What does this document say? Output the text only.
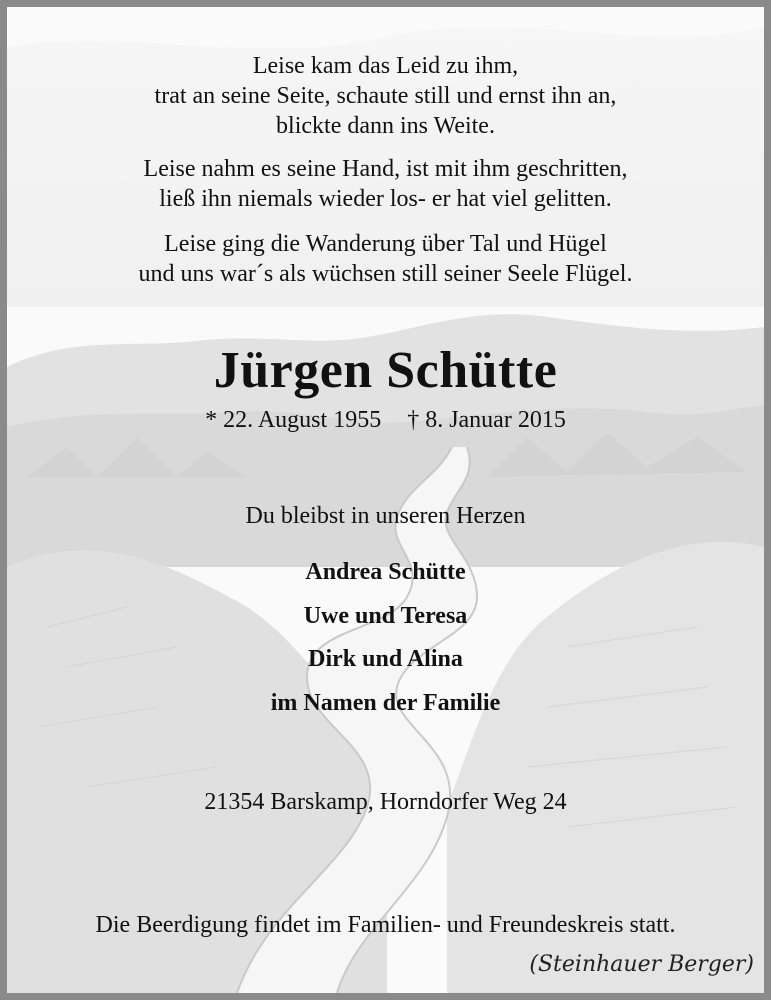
Leise kam das Leid zu ihm,

trat an seine Seite, schaute still und ernst ihn an,

blickte dann ins Weite.

Leise nahm es seine Hand, ist mit ihm geschritten,

ließ ihn niemals wieder los- er hat viel gelitten.

Leise ging die Wanderung über Tal und Hügel

und uns war´s als wüchsen still seiner Seele Flügel.

Jürgen Schütte
* 22. August 1955 † 8. Januar 2015
Du bleibst in unseren Herzen
Andrea Schütte
Uwe und Teresa
Dirk und Alina
im Namen der Familie
21354 Barskamp, Horndorfer Weg 24
Die Beerdigung findet im Familien- und Freundeskreis statt.
(Steinhauer Berger)
